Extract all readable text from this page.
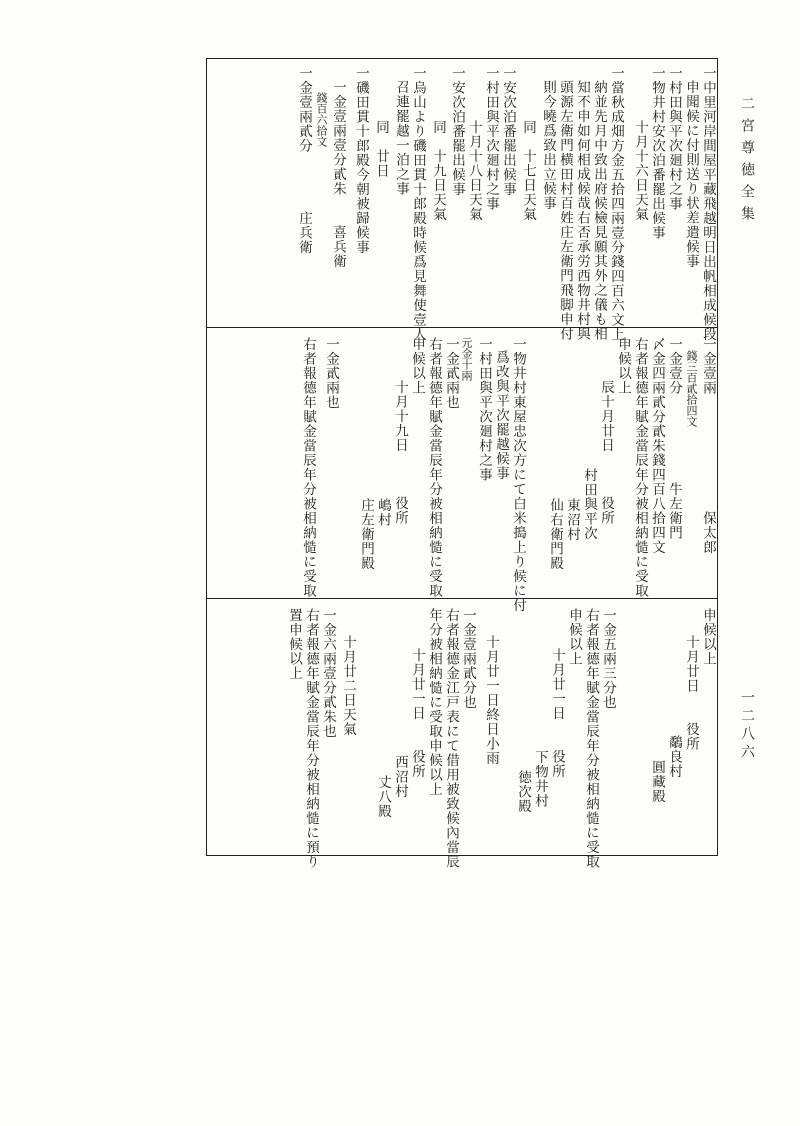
二宮尊徳全集
一二八六
一中里河岸間屋平藏飛越明日出帆相成候段
申聞候に付則送り状差遣候事
一村田與平次廻村之事
一物井村安次泊番罷出候事
十月十六日天氣
一當秋成畑方金五拾四兩壹分錢四百六文上
納並先月中致出府候檢見願其外之儀も相
知不申如何相成候哉右否承労西物井村與
頭源左衛門横田村百姓庄左衛門飛脚申付
則今曉爲致出立候事
同　十七日天氣
一安次泊番罷出候事
一村田與平次廻村之事
十月十八日天氣
一安次泊番罷出候事
同　十九日天氣
一烏山より磯田貫十郎殿時候爲見舞使壹人
召連罷越一泊之事
同　廿日
一磯田貫十郎殿今朝被歸候事
一金壹兩壹分貳朱　　喜兵衛
錢百六拾文
一金壹兩貳分　　　　庄兵衛
一金壹兩　　　　　　　　保太郎
錢三百貳拾四文
一金壹分　　　　　　牛左衛門
〆金四兩貳分貳朱錢四百八拾四文
右者報德年賦金當辰年分被相納慥に受取
申候以上
辰十月廿日　　　役所
村田與平次
東沼村
仙右衛門殿
一物井村東屋忠次方にて白米搗上り候に付
爲改與平次罷越候事
一村田與平次廻村之事
元金十兩
一金貳兩也
右者報德年賦金當辰年分被相納慥に受取
申候以上
十月十九日　　　役所
嶋村
庄左衛門殿
一金貳兩也
右者報德年賦金當辰年分被相納慥に受取
申候以上
十月廿日　　役所
鷸良村
圓藏殿
一金五兩三分也
右者報德年賦金當辰年分被相納慥に受取
申候以上
十月廿一日　　役所
下物井村
徳次殿
十月廿一日終日小雨
一金壹兩貳分也
右者報德金江戸表にて借用被致候內當辰
年分被相納慥に受取申候以上
十月廿一日　　役所
西沼村
丈八殿
十月廿二日天氣
一金六兩壹分貳朱也
右者報德年賦金當辰年分被相納慥に預り
置申候以上
